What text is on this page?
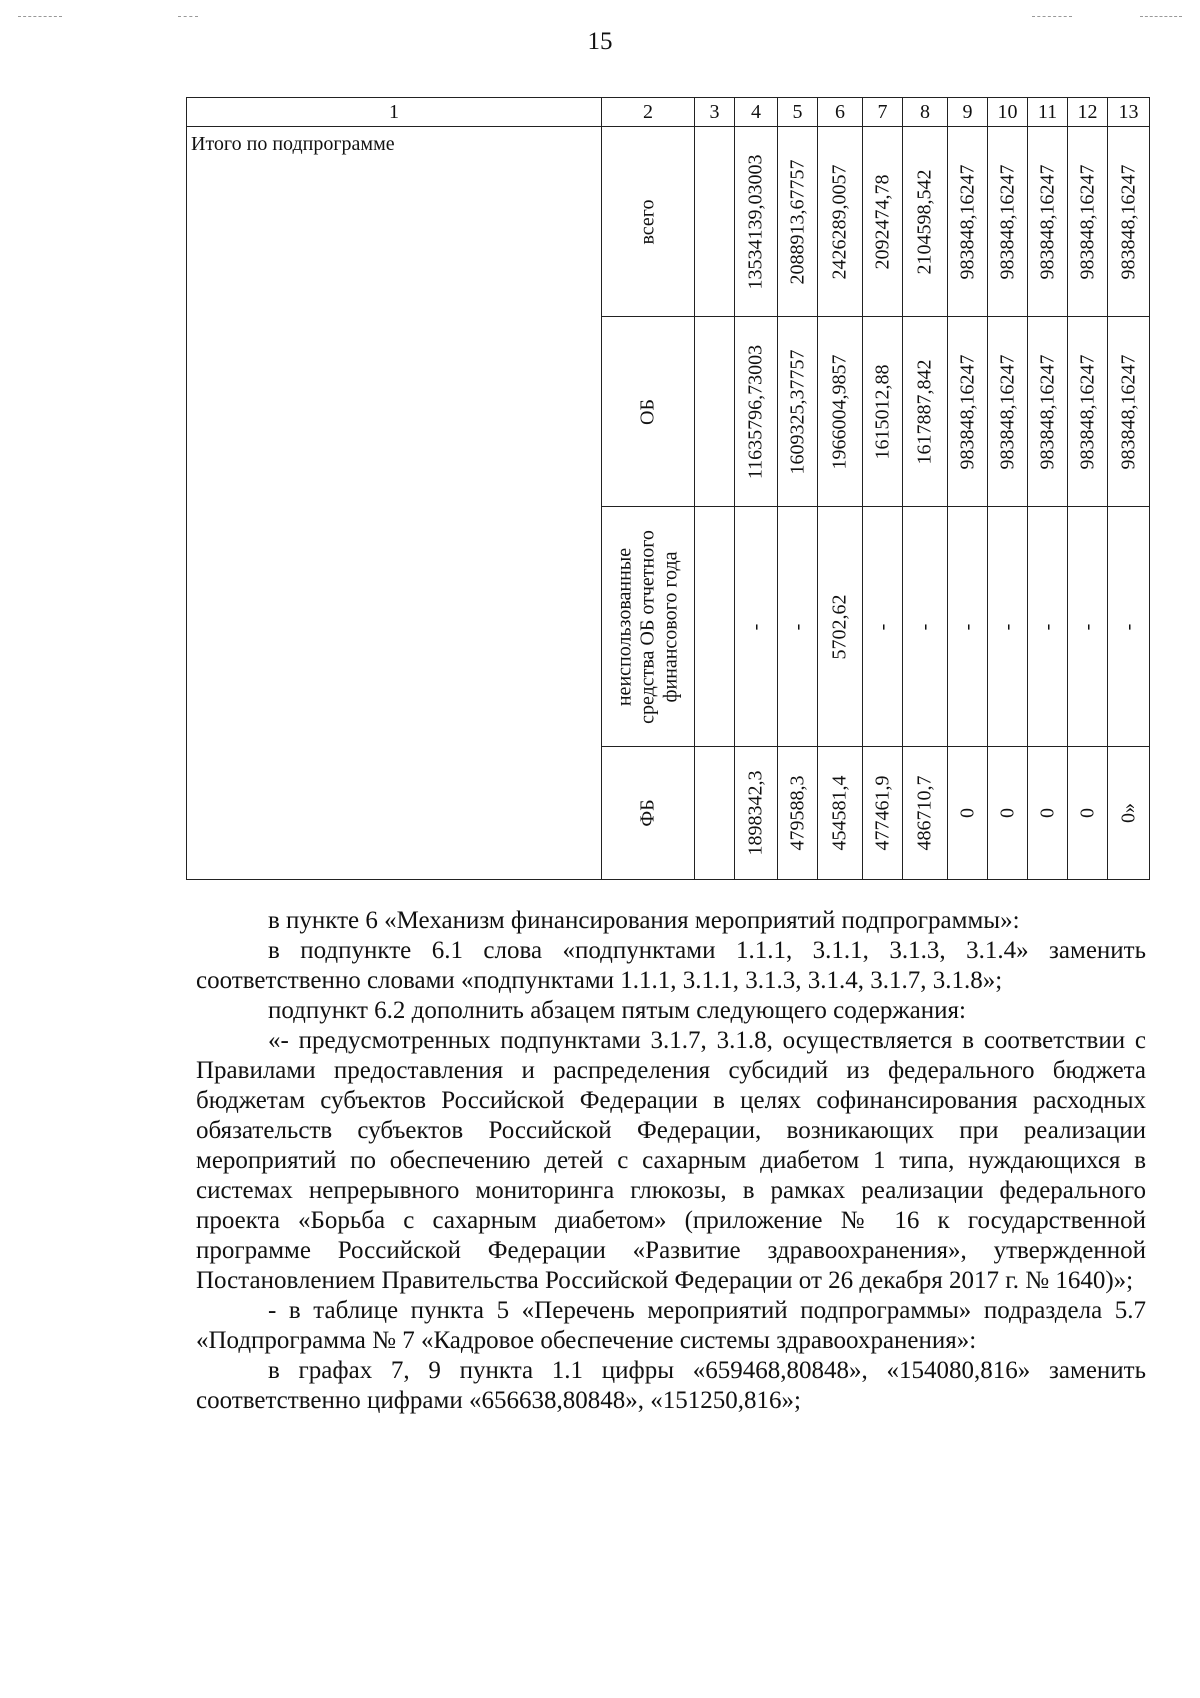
15
1	2	3	4	5	6	7	8	9	10	11	12	13
Итого по подпрограмме	всего		13534139,03003	2088913,67757	2426289,0057	2092474,78	2104598,542	983848,16247	983848,16247	983848,16247	983848,16247	983848,16247

	ОБ		11635796,73003	1609325,37757	1966004,9857	1615012,88	1617887,842	983848,16247	983848,16247	983848,16247	983848,16247	983848,16247

	неиспользованные средства ОБ отчетного финансового года		-	-	5702,62	-	-	-	-	-	-	-

	ФБ		1898342,3	479588,3	454581,4	477461,9	486710,7	0	0	0	0	0»

в пункте 6 «Механизм финансирования мероприятий подпрограммы»:

в подпункте 6.1 слова «подпунктами 1.1.1, 3.1.1, 3.1.3, 3.1.4» заменить соответственно словами «подпунктами 1.1.1, 3.1.1, 3.1.3, 3.1.4, 3.1.7, 3.1.8»;

подпункт 6.2 дополнить абзацем пятым следующего содержания:

«- предусмотренных подпунктами 3.1.7, 3.1.8, осуществляется в соответствии с Правилами предоставления и распределения субсидий из федерального бюджета бюджетам субъектов Российской Федерации в целях софинансирования расходных обязательств субъектов Российской Федерации, возникающих при реализации мероприятий по обеспечению детей с сахарным диабетом 1 типа, нуждающихся в системах непрерывного мониторинга глюкозы, в рамках реализации федерального проекта «Борьба с сахарным диабетом» (приложение № 16 к государственной программе Российской Федерации «Развитие здравоохранения», утвержденной Постановлением Правительства Российской Федерации от 26 декабря 2017 г. № 1640)»;

- в таблице пункта 5 «Перечень мероприятий подпрограммы» подраздела 5.7 «Подпрограмма № 7 «Кадровое обеспечение системы здравоохранения»:

в графах 7, 9 пункта 1.1 цифры «659468,80848», «154080,816» заменить соответственно цифрами «656638,80848», «151250,816»;
